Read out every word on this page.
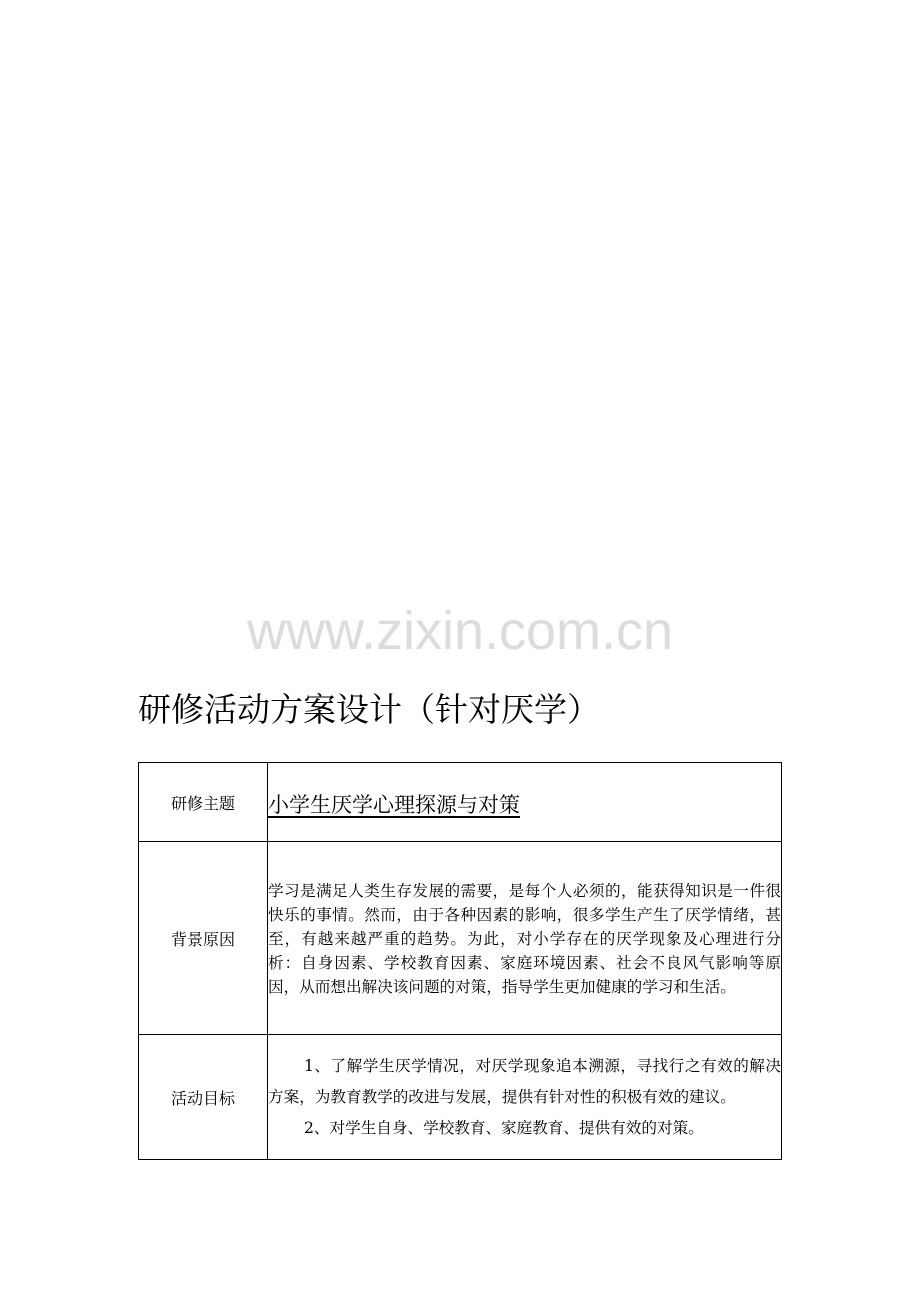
www.zixin.com.cn
研修活动方案设计（针对厌学）
研修主题	小学生厌学心理探源与对策

背景原因	学习是满足人类生存发展的需要，是每个人必须的，能获得知识是一件很快乐的事情。然而，由于各种因素的影响，很多学生产生了厌学情绪，甚至，有越来越严重的趋势。为此，对小学存在的厌学现象及心理进行分析：自身因素、学校教育因素、家庭环境因素、社会不良风气影响等原因，从而想出解决该问题的对策，指导学生更加健康的学习和生活。

活动目标	1、了解学生厌学情况，对厌学现象追本溯源，寻找行之有效的解决方案，为教育教学的改进与发展，提供有针对性的积极有效的建议。

2、对学生自身、学校教育、家庭教育、提供有效的对策。
